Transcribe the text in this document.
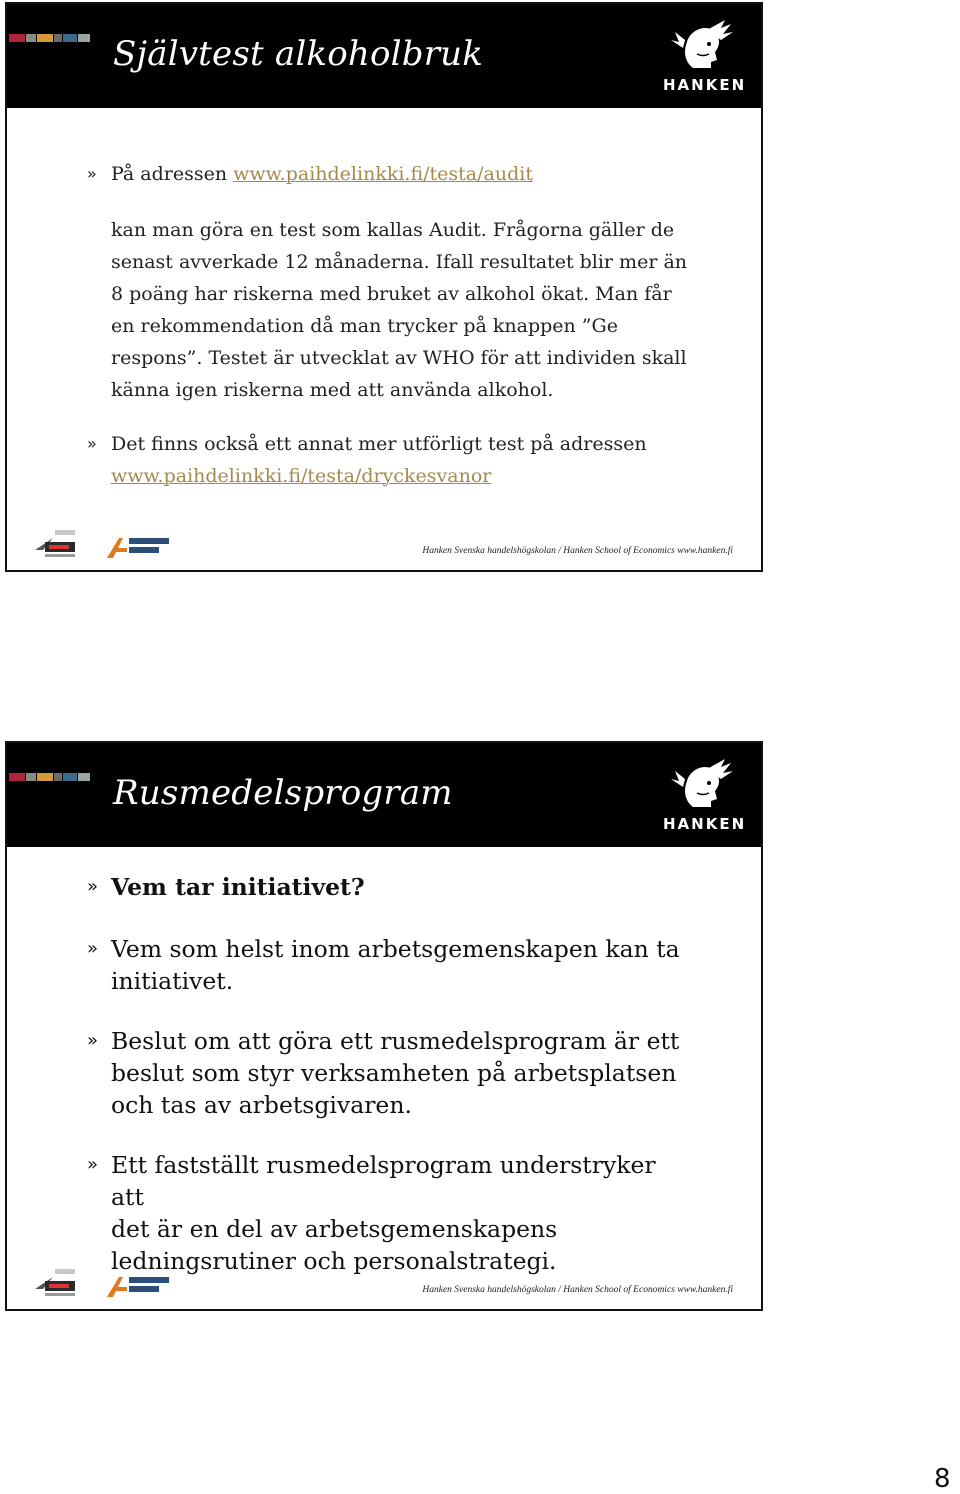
Självtest alkoholbruk
HANKEN
» På adressen www.paihdelinkki.fi/testa/audit
kan man göra en test som kallas Audit. Frågorna gäller de
senast avverkade 12 månaderna. Ifall resultatet blir mer än
8 poäng har riskerna med bruket av alkohol ökat. Man får
en rekommendation då man trycker på knappen ”Ge
respons”. Testet är utvecklat av WHO för att individen skall
känna igen riskerna med att använda alkohol.
» Det finns också ett annat mer utförligt test på adressen
www.paihdelinkki.fi/testa/dryckesvanor
Hanken Svenska handelshögskolan / Hanken School of Economics www.hanken.fi
Rusmedelsprogram
HANKEN
» Vem tar initiativet?
» Vem som helst inom arbetsgemenskapen kan ta
initiativet.
» Beslut om att göra ett rusmedelsprogram är ett
beslut som styr verksamheten på arbetsplatsen
och tas av arbetsgivaren.
» Ett fastställt rusmedelsprogram understryker att
det är en del av arbetsgemenskapens
ledningsrutiner och personalstrategi.
Hanken Svenska handelshögskolan / Hanken School of Economics www.hanken.fi
8
